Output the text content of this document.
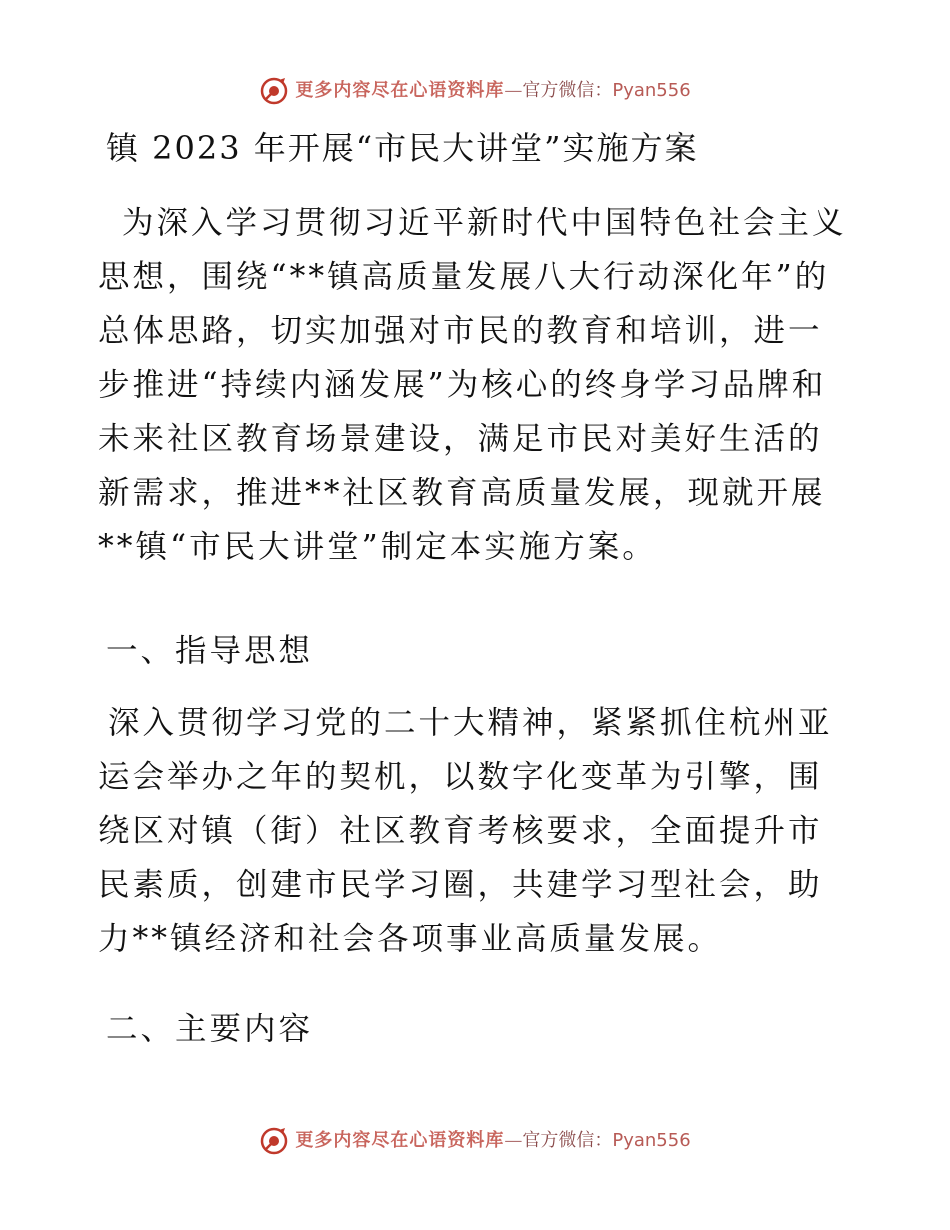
更多内容尽在心语资料库 — 官方微信： Pyan556
镇 2023 年开展“市民大讲堂”实施方案

为深入学习贯彻习近平新时代中国特色社会主义思想，围绕“**镇高质量发展八大行动深化年”的总体思路，切实加强对市民的教育和培训，进一步推进“持续内涵发展”为核心的终身学习品牌和未来社区教育场景建设，满足市民对美好生活的新需求，推进**社区教育高质量发展，现就开展**镇“市民大讲堂”制定本实施方案。

一、指导思想

深入贯彻学习党的二十大精神，紧紧抓住杭州亚运会举办之年的契机，以数字化变革为引擎，围绕区对镇（街）社区教育考核要求，全面提升市民素质，创建市民学习圈，共建学习型社会，助力**镇经济和社会各项事业高质量发展。

二、主要内容

更多内容尽在心语资料库 — 官方微信： Pyan556
